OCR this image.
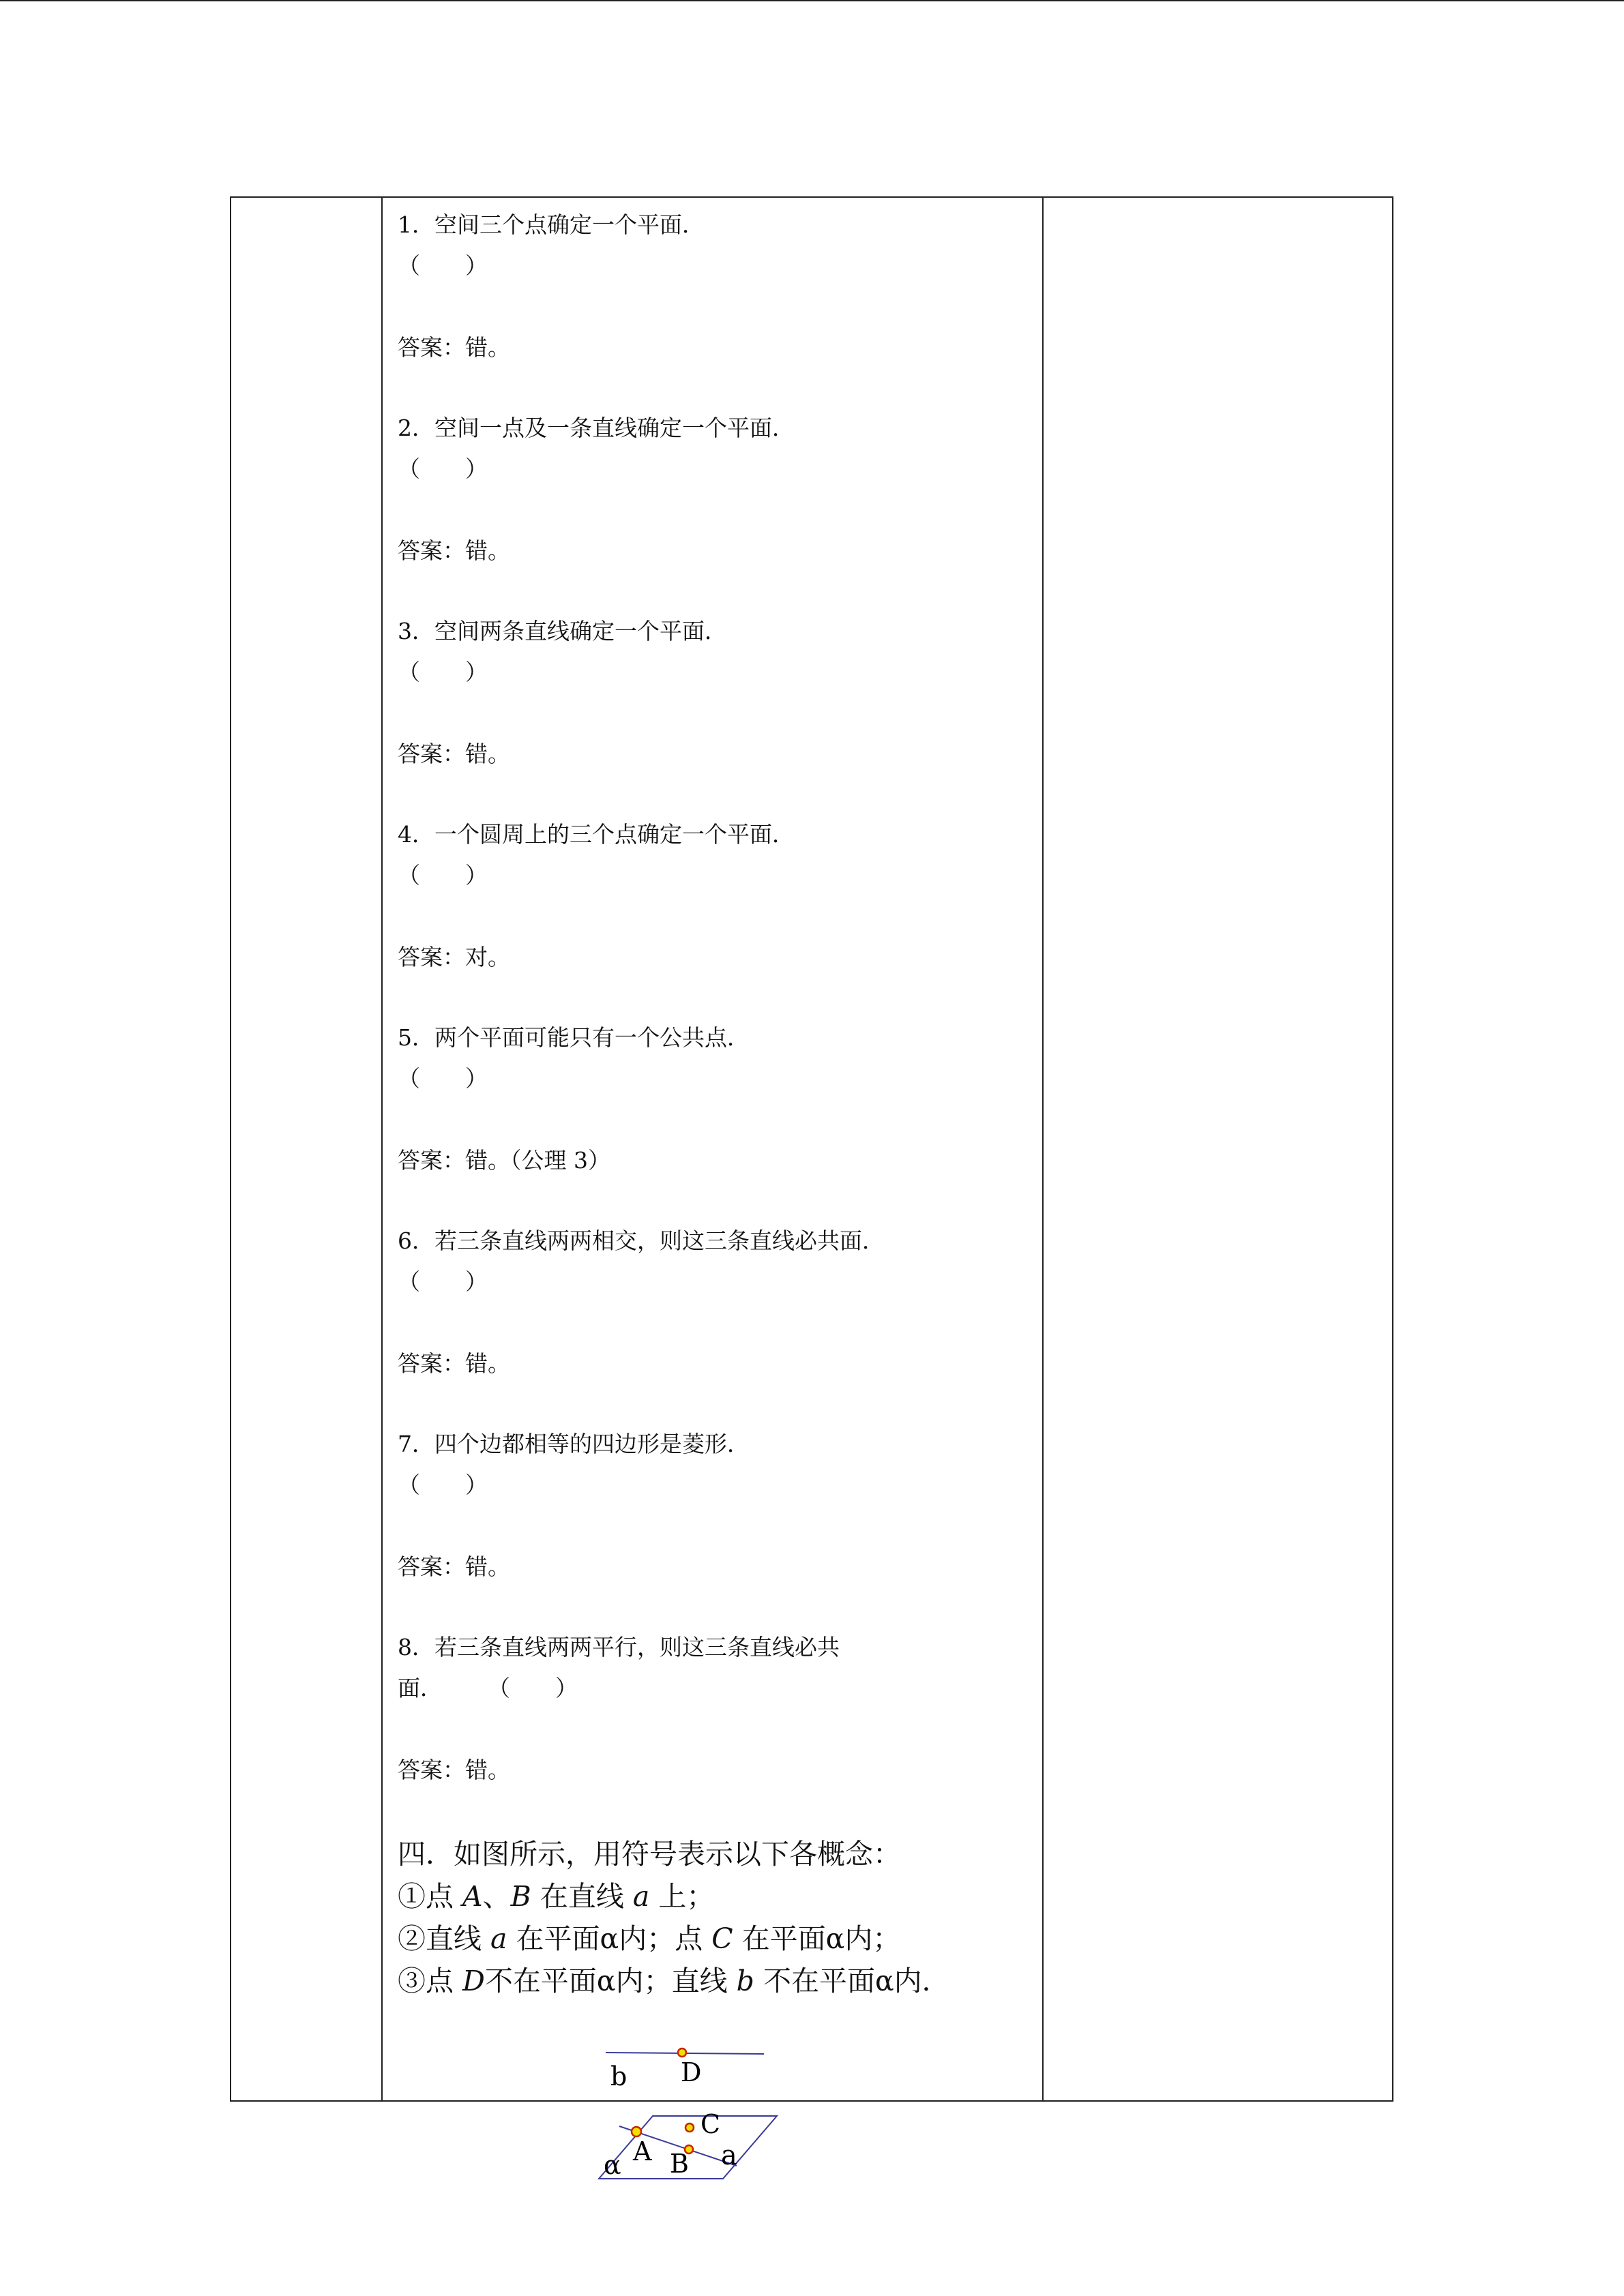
1．空间三个点确定一个平面．
（　　）
答案：错。
2．空间一点及一条直线确定一个平面．
（　　）
答案：错。
3．空间两条直线确定一个平面．
（　　）
答案：错。
4．一个圆周上的三个点确定一个平面．
（　　）
答案：对。
5．两个平面可能只有一个公共点．
（　　）
答案：错。（公理 3）
6．若三条直线两两相交，则这三条直线必共面．
（　　）
答案：错。
7．四个边都相等的四边形是菱形．
（　　）
答案：错。
8．若三条直线两两平行，则这三条直线必共
面．　　　（　　）
答案：错。
四．如图所示，用符号表示以下各概念：
①点 A、B 在直线 a 上；
②直线 a 在平面α内；点 C 在平面α内；
③点 D不在平面α内；直线 b 不在平面α内．
b D
C
A B a
α
